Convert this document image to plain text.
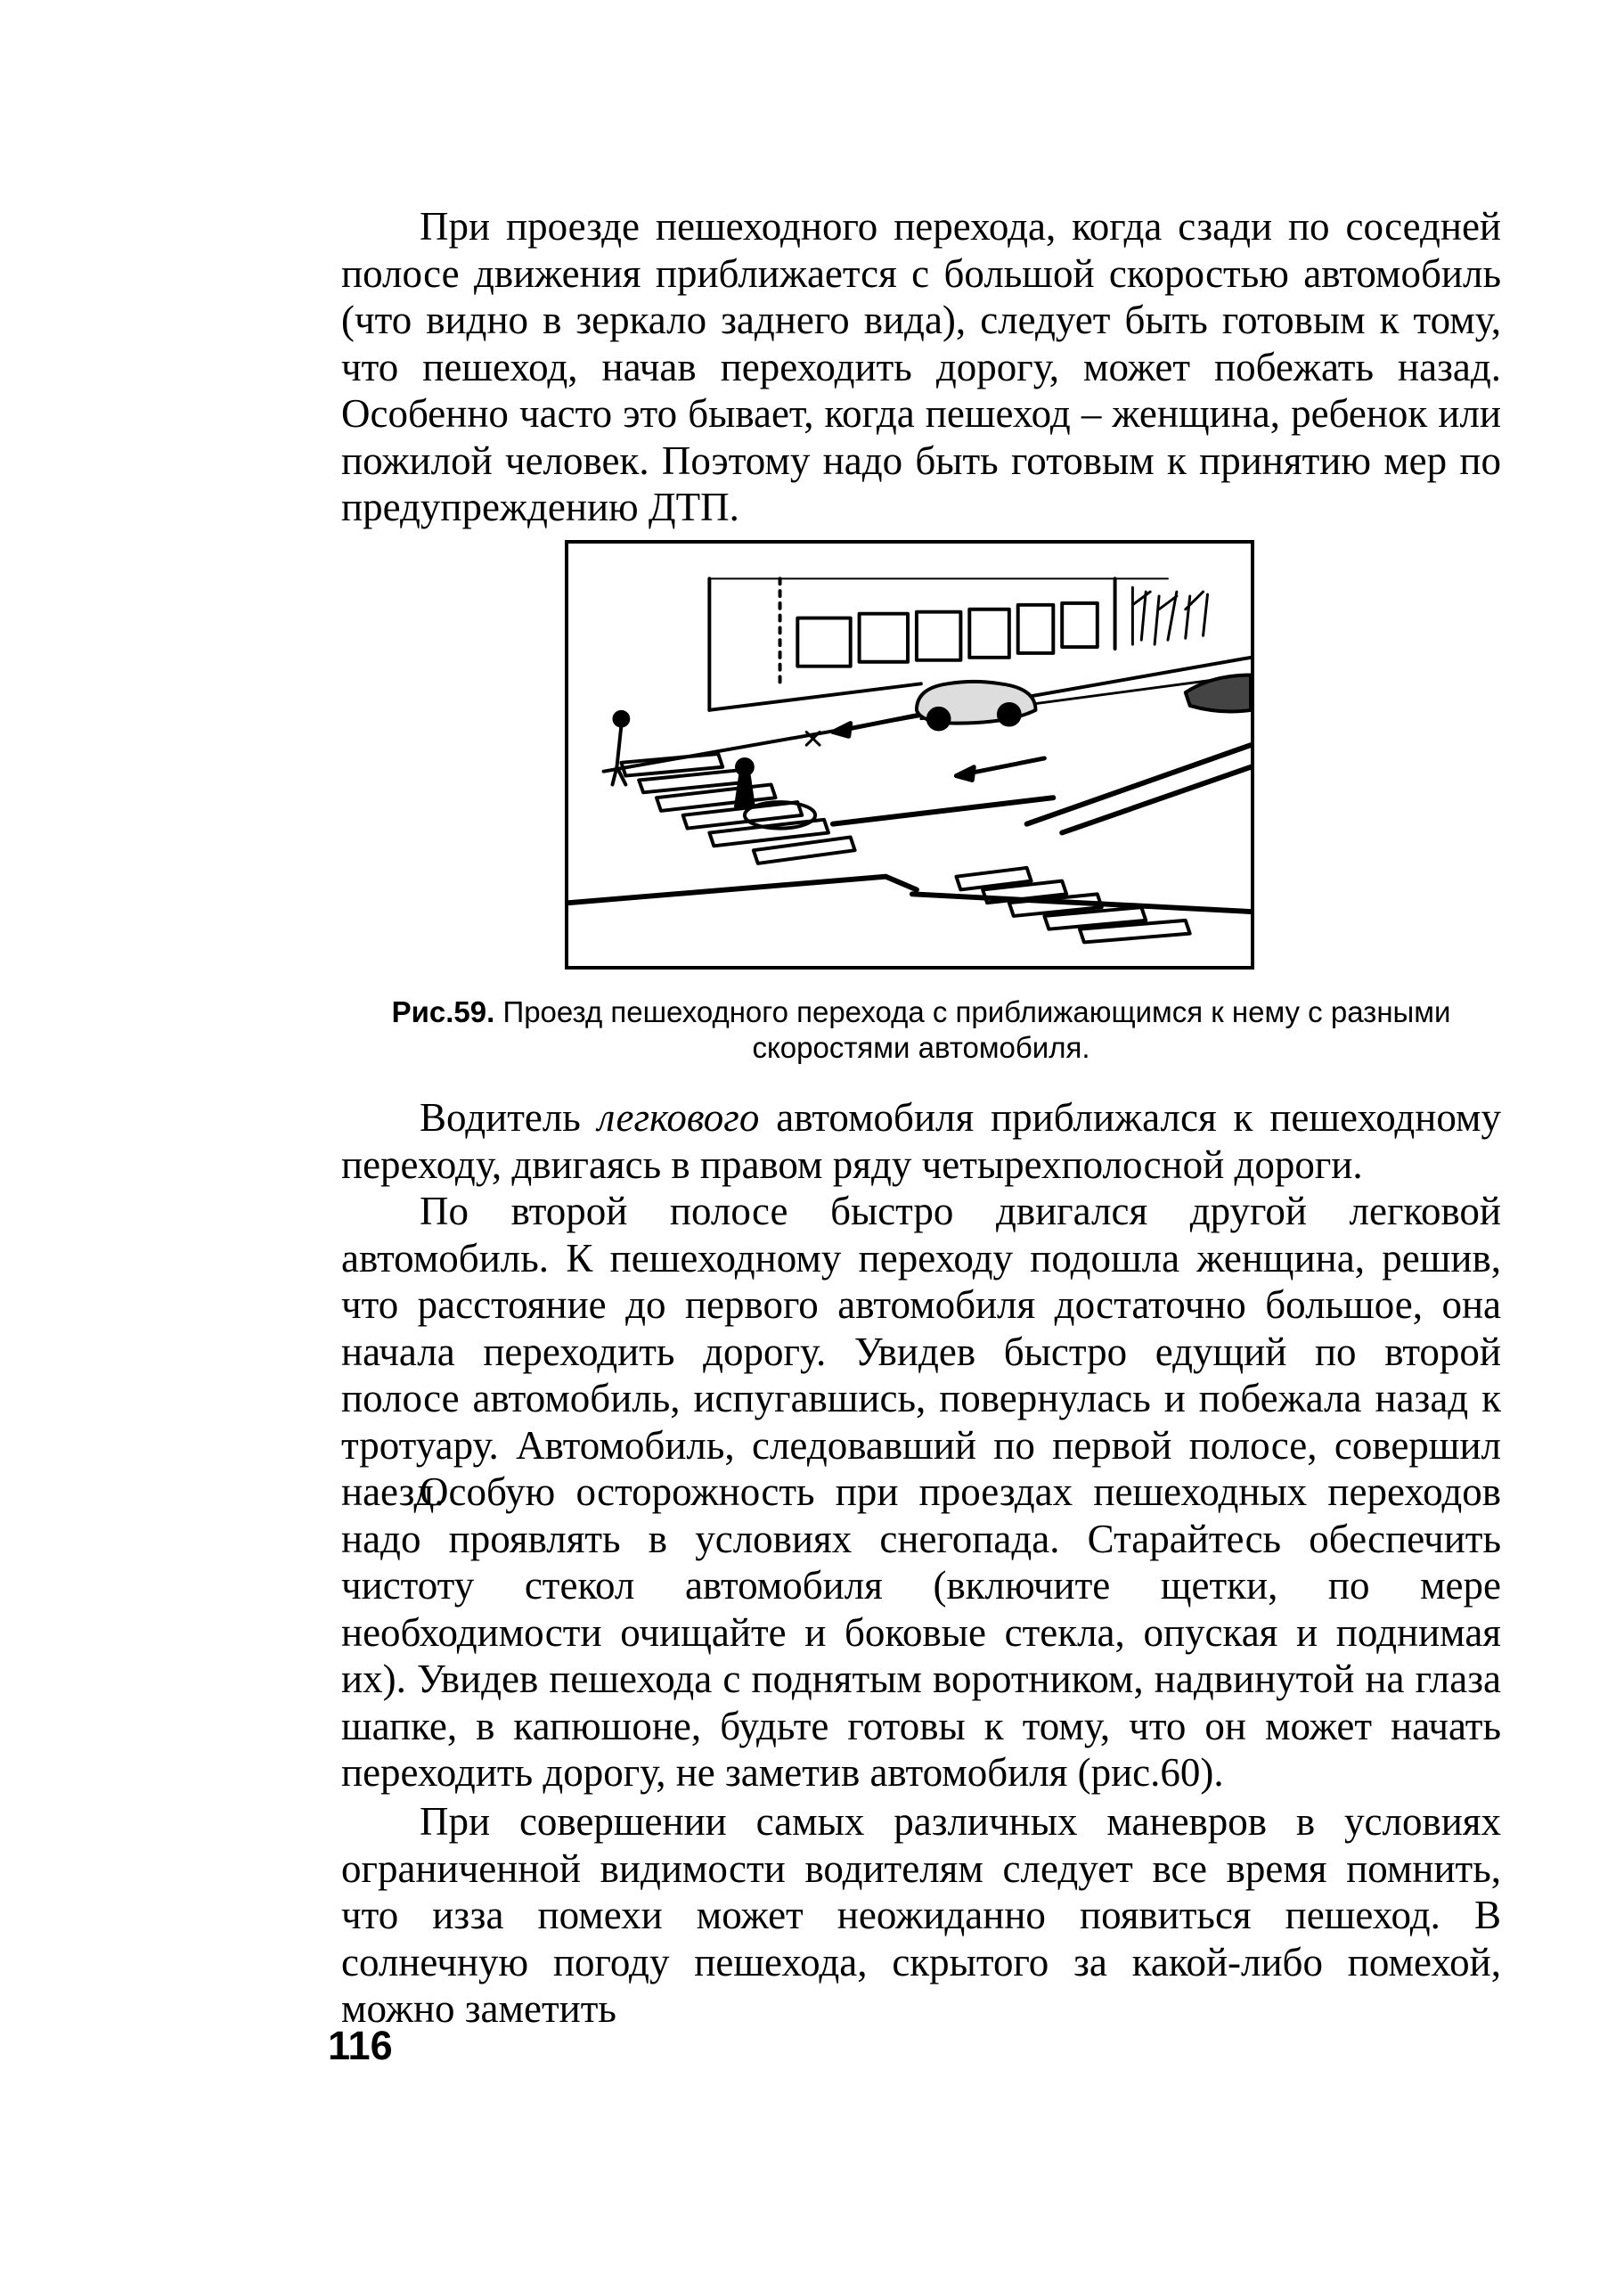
При проезде пешеходного перехода, когда сзади по соседней полосе движения приближается с большой скоростью автомобиль (что видно в зеркало заднего вида), следует быть готовым к тому, что пешеход, начав переходить дорогу, может побежать назад. Особенно часто это бывает, когда пешеход – женщина, ребенок или пожилой человек. Поэтому надо быть готовым к принятию мер по предупреждению ДТП.

Рис.59. Проезд пешеходного перехода с приближающимся к нему с разными скоростями автомобиля.

Водитель легкового автомобиля приближался к пешеходному переходу, двигаясь в правом ряду четырехполосной дороги.

По второй полосе быстро двигался другой легковой автомобиль. К пешеходному переходу подошла женщина, решив, что расстояние до первого автомобиля достаточно большое, она начала переходить дорогу. Увидев быстро едущий по второй полосе автомобиль, испугавшись, повернулась и побежала назад к тротуару. Автомобиль, следовавший по первой полосе, совершил наезд.

Особую осторожность при проездах пешеходных переходов надо проявлять в условиях снегопада. Старайтесь обеспечить чистоту стекол автомобиля (включите щетки, по мере необходимости очищайте и боковые стекла, опуская и поднимая их). Увидев пешехода с поднятым воротником, надвинутой на глаза шапке, в капюшоне, будьте готовы к тому, что он может начать переходить дорогу, не заметив автомобиля (рис.60).

При совершении самых различных маневров в условиях ограниченной видимости водителям следует все время помнить, что изза помехи может неожиданно появиться пешеход. В солнечную погоду пешехода, скрытого за какой-либо помехой, можно заметить

116
